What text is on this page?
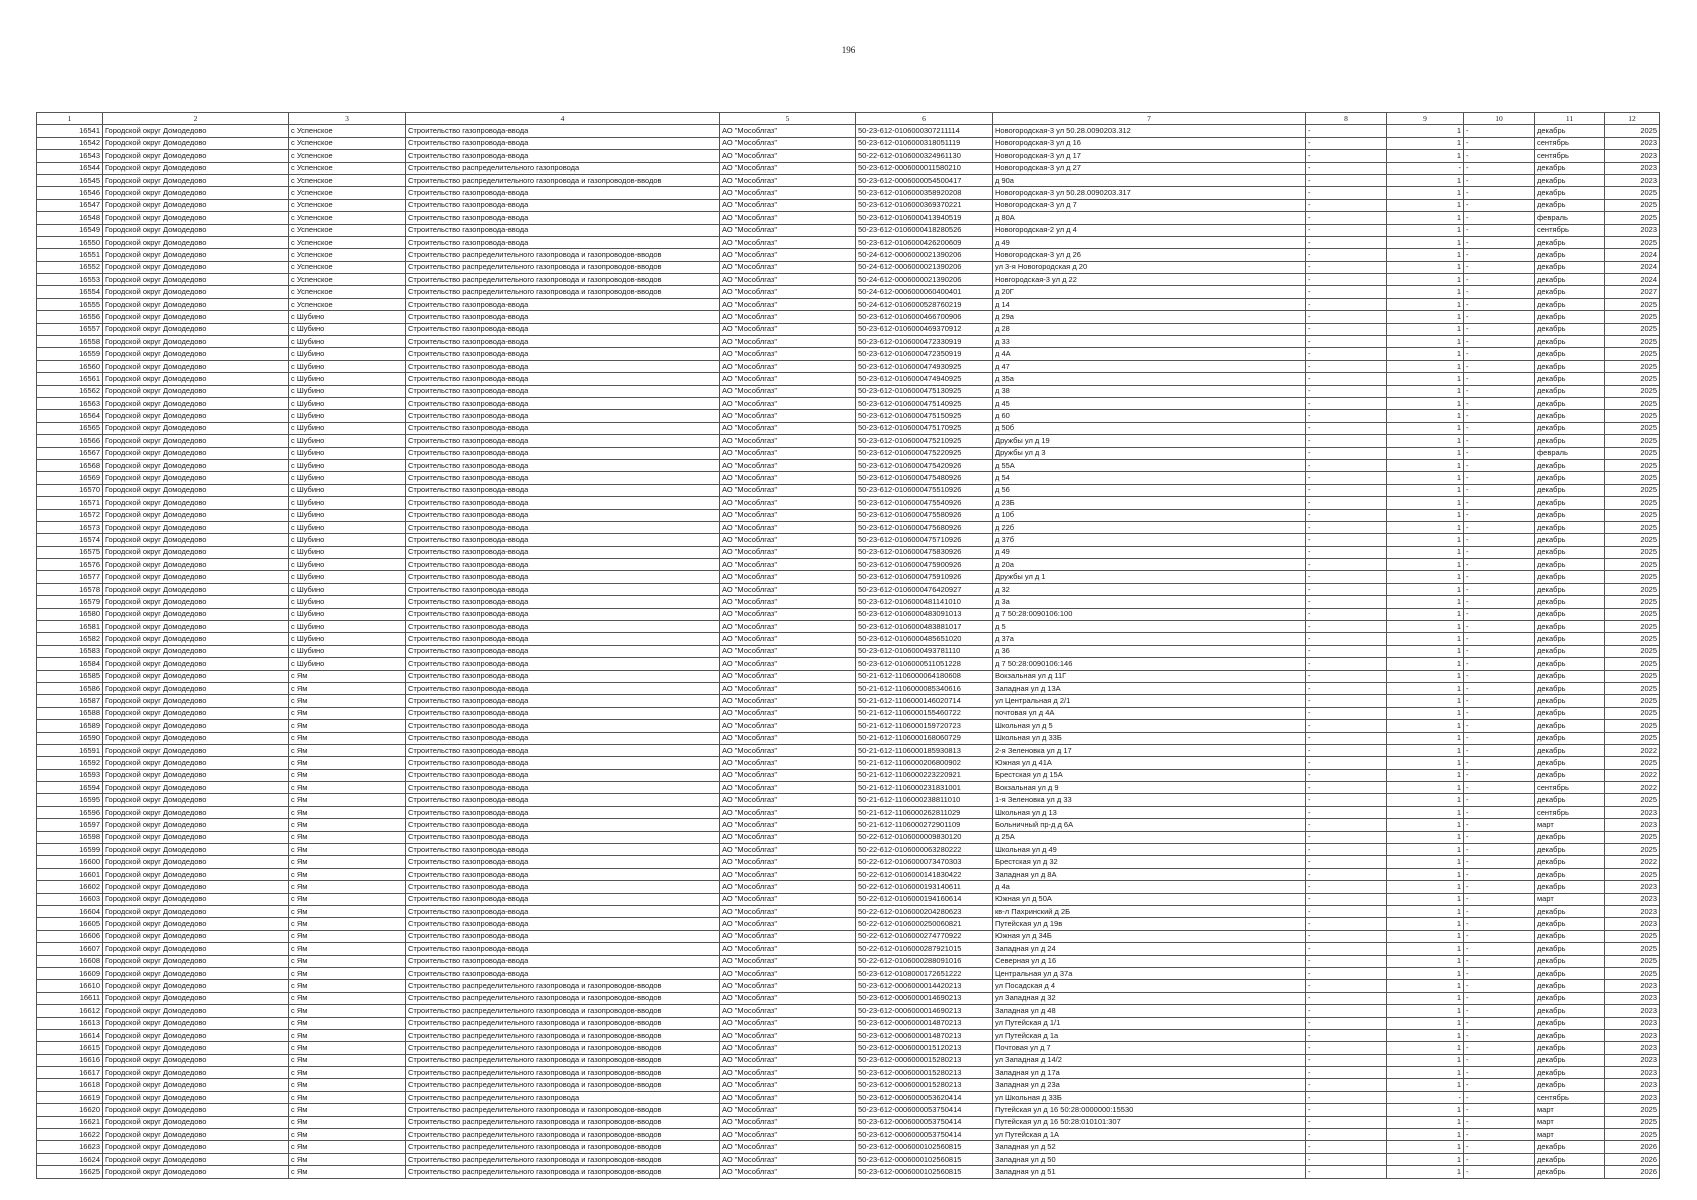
196
1	2	3	4	5	6	7	8	9	10	11	12
16541	Городской округ Домодедово	с Успенское	Строительство газопровода-ввода	АО "Мособлгаз"	50-23-612-0106000307211114	Новогородская-3 ул 50.28.0090203.312	-	1	-	декабрь	2025
16542	Городской округ Домодедово	с Успенское	Строительство газопровода-ввода	АО "Мособлгаз"	50-23-612-0106000318051119	Новогородская-3 ул д 16	-	1	-	сентябрь	2023
16543	Городской округ Домодедово	с Успенское	Строительство газопровода-ввода	АО "Мособлгаз"	50-22-612-0106000324961130	Новогородская-3 ул д 17	-	1	-	сентябрь	2023
16544	Городской округ Домодедово	с Успенское	Строительство распределительного газопровода	АО "Мособлгаз"	50-23-612-0006000011580210	Новогородская-3 ул д 27	-	-	-	декабрь	2023
16545	Городской округ Домодедово	с Успенское	Строительство распределительного газопровода и газопроводов-вводов	АО "Мособлгаз"	50-23-612-0006000054500417	д 90а	-	1	-	декабрь	2023
16546	Городской округ Домодедово	с Успенское	Строительство газопровода-ввода	АО "Мособлгаз"	50-23-612-0106000358920208	Новогородская-3 ул 50.28.0090203.317	-	1	-	декабрь	2025
16547	Городской округ Домодедово	с Успенское	Строительство газопровода-ввода	АО "Мособлгаз"	50-23-612-0106000369370221	Новогородская-3 ул д 7	-	1	-	декабрь	2025
16548	Городской округ Домодедово	с Успенское	Строительство газопровода-ввода	АО "Мособлгаз"	50-23-612-0106000413940519	д 80А	-	1	-	февраль	2025
16549	Городской округ Домодедово	с Успенское	Строительство газопровода-ввода	АО "Мособлгаз"	50-23-612-0106000418280526	Новогородская-2 ул д 4	-	1	-	сентябрь	2023
16550	Городской округ Домодедово	с Успенское	Строительство газопровода-ввода	АО "Мособлгаз"	50-23-612-0106000426200609	д 49	-	1	-	декабрь	2025
16551	Городской округ Домодедово	с Успенское	Строительство распределительного газопровода и газопроводов-вводов	АО "Мособлгаз"	50-24-612-0006000021390206	Новогородская-3 ул д 26	-	1	-	декабрь	2024
16552	Городской округ Домодедово	с Успенское	Строительство распределительного газопровода и газопроводов-вводов	АО "Мособлгаз"	50-24-612-0006000021390206	ул 3-я Новогородская д 20	-	1	-	декабрь	2024
16553	Городской округ Домодедово	с Успенское	Строительство распределительного газопровода и газопроводов-вводов	АО "Мособлгаз"	50-24-612-0006000021390206	Новгородская-3 ул д 22	-	1	-	декабрь	2024
16554	Городской округ Домодедово	с Успенское	Строительство распределительного газопровода и газопроводов-вводов	АО "Мособлгаз"	50-24-612-0006000060400401	д 20Г	-	1	-	декабрь	2027
16555	Городской округ Домодедово	с Успенское	Строительство газопровода-ввода	АО "Мособлгаз"	50-24-612-0106000528760219	д 14	-	1	-	декабрь	2025
16556	Городской округ Домодедово	с Шубино	Строительство газопровода-ввода	АО "Мособлгаз"	50-23-612-0106000466700906	д 29а	-	1	-	декабрь	2025
16557	Городской округ Домодедово	с Шубино	Строительство газопровода-ввода	АО "Мособлгаз"	50-23-612-0106000469370912	д 28	-	1	-	декабрь	2025
16558	Городской округ Домодедово	с Шубино	Строительство газопровода-ввода	АО "Мособлгаз"	50-23-612-0106000472330919	д 33	-	1	-	декабрь	2025
16559	Городской округ Домодедово	с Шубино	Строительство газопровода-ввода	АО "Мособлгаз"	50-23-612-0106000472350919	д 4А	-	1	-	декабрь	2025
16560	Городской округ Домодедово	с Шубино	Строительство газопровода-ввода	АО "Мособлгаз"	50-23-612-0106000474930925	д 47	-	1	-	декабрь	2025
16561	Городской округ Домодедово	с Шубино	Строительство газопровода-ввода	АО "Мособлгаз"	50-23-612-0106000474940925	д 35а	-	1	-	декабрь	2025
16562	Городской округ Домодедово	с Шубино	Строительство газопровода-ввода	АО "Мособлгаз"	50-23-612-0106000475130925	д 38	-	1	-	декабрь	2025
16563	Городской округ Домодедово	с Шубино	Строительство газопровода-ввода	АО "Мособлгаз"	50-23-612-0106000475140925	д 45	-	1	-	декабрь	2025
16564	Городской округ Домодедово	с Шубино	Строительство газопровода-ввода	АО "Мособлгаз"	50-23-612-0106000475150925	д 60	-	1	-	декабрь	2025
16565	Городской округ Домодедово	с Шубино	Строительство газопровода-ввода	АО "Мособлгаз"	50-23-612-0106000475170925	д 50б	-	1	-	декабрь	2025
16566	Городской округ Домодедово	с Шубино	Строительство газопровода-ввода	АО "Мособлгаз"	50-23-612-0106000475210925	Дружбы ул д 19	-	1	-	декабрь	2025
16567	Городской округ Домодедово	с Шубино	Строительство газопровода-ввода	АО "Мособлгаз"	50-23-612-0106000475220925	Дружбы ул д 3	-	1	-	февраль	2025
16568	Городской округ Домодедово	с Шубино	Строительство газопровода-ввода	АО "Мособлгаз"	50-23-612-0106000475420926	д 55А	-	1	-	декабрь	2025
16569	Городской округ Домодедово	с Шубино	Строительство газопровода-ввода	АО "Мособлгаз"	50-23-612-0106000475480926	д 54	-	1	-	декабрь	2025
16570	Городской округ Домодедово	с Шубино	Строительство газопровода-ввода	АО "Мособлгаз"	50-23-612-0106000475510926	д 56	-	1	-	декабрь	2025
16571	Городской округ Домодедово	с Шубино	Строительство газопровода-ввода	АО "Мособлгаз"	50-23-612-0106000475540926	д 23Б	-	1	-	декабрь	2025
16572	Городской округ Домодедово	с Шубино	Строительство газопровода-ввода	АО "Мособлгаз"	50-23-612-0106000475580926	д 10б	-	1	-	декабрь	2025
16573	Городской округ Домодедово	с Шубино	Строительство газопровода-ввода	АО "Мособлгаз"	50-23-612-0106000475680926	д 22б	-	1	-	декабрь	2025
16574	Городской округ Домодедово	с Шубино	Строительство газопровода-ввода	АО "Мособлгаз"	50-23-612-0106000475710926	д 37б	-	1	-	декабрь	2025
16575	Городской округ Домодедово	с Шубино	Строительство газопровода-ввода	АО "Мособлгаз"	50-23-612-0106000475830926	д 49	-	1	-	декабрь	2025
16576	Городской округ Домодедово	с Шубино	Строительство газопровода-ввода	АО "Мособлгаз"	50-23-612-0106000475900926	д 20а	-	1	-	декабрь	2025
16577	Городской округ Домодедово	с Шубино	Строительство газопровода-ввода	АО "Мособлгаз"	50-23-612-0106000475910926	Дружбы ул д 1	-	1	-	декабрь	2025
16578	Городской округ Домодедово	с Шубино	Строительство газопровода-ввода	АО "Мособлгаз"	50-23-612-0106000476420927	д 32	-	1	-	декабрь	2025
16579	Городской округ Домодедово	с Шубино	Строительство газопровода-ввода	АО "Мособлгаз"	50-23-612-0106000481141010	д 3а	-	1	-	декабрь	2025
16580	Городской округ Домодедово	с Шубино	Строительство газопровода-ввода	АО "Мособлгаз"	50-23-612-0106000483091013	д 7 50:28:0090106:100	-	1	-	декабрь	2025
16581	Городской округ Домодедово	с Шубино	Строительство газопровода-ввода	АО "Мособлгаз"	50-23-612-0106000483881017	д 5	-	1	-	декабрь	2025
16582	Городской округ Домодедово	с Шубино	Строительство газопровода-ввода	АО "Мособлгаз"	50-23-612-0106000485651020	д 37а	-	1	-	декабрь	2025
16583	Городской округ Домодедово	с Шубино	Строительство газопровода-ввода	АО "Мособлгаз"	50-23-612-0106000493781110	д 36	-	1	-	декабрь	2025
16584	Городской округ Домодедово	с Шубино	Строительство газопровода-ввода	АО "Мособлгаз"	50-23-612-0106000511051228	д 7 50:28:0090106:146	-	1	-	декабрь	2025
16585	Городской округ Домодедово	с Ям	Строительство газопровода-ввода	АО "Мособлгаз"	50-21-612-1106000064180608	Вокзальная ул д 11Г	-	1	-	декабрь	2025
16586	Городской округ Домодедово	с Ям	Строительство газопровода-ввода	АО "Мособлгаз"	50-21-612-1106000085340616	Западная ул д 13А	-	1	-	декабрь	2025
16587	Городской округ Домодедово	с Ям	Строительство газопровода-ввода	АО "Мособлгаз"	50-21-612-1106000146020714	ул Центральная д 2/1	-	1	-	декабрь	2025
16588	Городской округ Домодедово	с Ям	Строительство газопровода-ввода	АО "Мособлгаз"	50-21-612-1106000155460722	почтовая ул д 4А	-	1	-	декабрь	2025
16589	Городской округ Домодедово	с Ям	Строительство газопровода-ввода	АО "Мособлгаз"	50-21-612-1106000159720723	Школьная ул д 5	-	1	-	декабрь	2025
16590	Городской округ Домодедово	с Ям	Строительство газопровода-ввода	АО "Мособлгаз"	50-21-612-1106000168060729	Школьная ул д 33Б	-	1	-	декабрь	2025
16591	Городской округ Домодедово	с Ям	Строительство газопровода-ввода	АО "Мособлгаз"	50-21-612-1106000185930813	2-я Зеленовка ул д 17	-	1	-	декабрь	2022
16592	Городской округ Домодедово	с Ям	Строительство газопровода-ввода	АО "Мособлгаз"	50-21-612-1106000206800902	Южная ул д 41А	-	1	-	декабрь	2025
16593	Городской округ Домодедово	с Ям	Строительство газопровода-ввода	АО "Мособлгаз"	50-21-612-1106000223220921	Брестская ул д 15А	-	1	-	декабрь	2022
16594	Городской округ Домодедово	с Ям	Строительство газопровода-ввода	АО "Мособлгаз"	50-21-612-1106000231831001	Вокзальная ул д 9	-	1	-	сентябрь	2022
16595	Городской округ Домодедово	с Ям	Строительство газопровода-ввода	АО "Мособлгаз"	50-21-612-1106000238811010	1-я Зеленовка ул д 33	-	1	-	декабрь	2025
16596	Городской округ Домодедово	с Ям	Строительство газопровода-ввода	АО "Мособлгаз"	50-21-612-1106000262811029	Школьная ул д 13	-	1	-	сентябрь	2023
16597	Городской округ Домодедово	с Ям	Строительство газопровода-ввода	АО "Мособлгаз"	50-21-612-1106000272901109	Больничный пр-д д 6А	-	1	-	март	2023
16598	Городской округ Домодедово	с Ям	Строительство газопровода-ввода	АО "Мособлгаз"	50-22-612-0106000009830120	д 25А	-	1	-	декабрь	2025
16599	Городской округ Домодедово	с Ям	Строительство газопровода-ввода	АО "Мособлгаз"	50-22-612-0106000063280222	Школьная ул д 49	-	1	-	декабрь	2025
16600	Городской округ Домодедово	с Ям	Строительство газопровода-ввода	АО "Мособлгаз"	50-22-612-0106000073470303	Брестская ул д 32	-	1	-	декабрь	2022
16601	Городской округ Домодедово	с Ям	Строительство газопровода-ввода	АО "Мособлгаз"	50-22-612-0106000141830422	Западная ул д 8А	-	1	-	декабрь	2025
16602	Городской округ Домодедово	с Ям	Строительство газопровода-ввода	АО "Мособлгаз"	50-22-612-0106000193140611	д 4а	-	1	-	декабрь	2023
16603	Городской округ Домодедово	с Ям	Строительство газопровода-ввода	АО "Мособлгаз"	50-22-612-0106000194160614	Южная ул д 50А	-	1	-	март	2023
16604	Городской округ Домодедово	с Ям	Строительство газопровода-ввода	АО "Мособлгаз"	50-22-612-0106000204280623	кв-л Пахринский д 2Б	-	1	-	декабрь	2023
16605	Городской округ Домодедово	с Ям	Строительство газопровода-ввода	АО "Мособлгаз"	50-22-612-0106000250060821	Путейская ул д 19в	-	1	-	декабрь	2023
16606	Городской округ Домодедово	с Ям	Строительство газопровода-ввода	АО "Мособлгаз"	50-22-612-0106000274770922	Южная ул д 34Б	-	1	-	декабрь	2025
16607	Городской округ Домодедово	с Ям	Строительство газопровода-ввода	АО "Мособлгаз"	50-22-612-0106000287921015	Западная ул д 24	-	1	-	декабрь	2025
16608	Городской округ Домодедово	с Ям	Строительство газопровода-ввода	АО "Мособлгаз"	50-22-612-0106000288091016	Северная ул д 16	-	1	-	декабрь	2025
16609	Городской округ Домодедово	с Ям	Строительство газопровода-ввода	АО "Мособлгаз"	50-23-612-0108000172651222	Центральная ул д 37а	-	1	-	декабрь	2025
16610	Городской округ Домодедово	с Ям	Строительство распределительного газопровода и газопроводов-вводов	АО "Мособлгаз"	50-23-612-0006000014420213	ул Посадская д 4	-	1	-	декабрь	2023
16611	Городской округ Домодедово	с Ям	Строительство распределительного газопровода и газопроводов-вводов	АО "Мособлгаз"	50-23-612-0006000014690213	ул Западная д 32	-	1	-	декабрь	2023
16612	Городской округ Домодедово	с Ям	Строительство распределительного газопровода и газопроводов-вводов	АО "Мособлгаз"	50-23-612-0006000014690213	Западная ул д 48	-	1	-	декабрь	2023
16613	Городской округ Домодедово	с Ям	Строительство распределительного газопровода и газопроводов-вводов	АО "Мособлгаз"	50-23-612-0006000014870213	ул Путейская д 1/1	-	1	-	декабрь	2023
16614	Городской округ Домодедово	с Ям	Строительство распределительного газопровода и газопроводов-вводов	АО "Мособлгаз"	50-23-612-0006000014870213	ул Путейская д 1а	-	1	-	декабрь	2023
16615	Городской округ Домодедово	с Ям	Строительство распределительного газопровода и газопроводов-вводов	АО "Мособлгаз"	50-23-612-0006000015120213	Почтовая ул д 7	-	1	-	декабрь	2023
16616	Городской округ Домодедово	с Ям	Строительство распределительного газопровода и газопроводов-вводов	АО "Мособлгаз"	50-23-612-0006000015280213	ул Западная д 14/2	-	1	-	декабрь	2023
16617	Городской округ Домодедово	с Ям	Строительство распределительного газопровода и газопроводов-вводов	АО "Мособлгаз"	50-23-612-0006000015280213	Западная ул д 17а	-	1	-	декабрь	2023
16618	Городской округ Домодедово	с Ям	Строительство распределительного газопровода и газопроводов-вводов	АО "Мособлгаз"	50-23-612-0006000015280213	Западная ул д 23а	-	1	-	декабрь	2023
16619	Городской округ Домодедово	с Ям	Строительство распределительного газопровода	АО "Мособлгаз"	50-23-612-0006000053620414	ул Школьная д 33Б	-	-	-	сентябрь	2023
16620	Городской округ Домодедово	с Ям	Строительство распределительного газопровода и газопроводов-вводов	АО "Мособлгаз"	50-23-612-0006000053750414	Путейская ул д 16 50:28:0000000:15530	-	1	-	март	2025
16621	Городской округ Домодедово	с Ям	Строительство распределительного газопровода и газопроводов-вводов	АО "Мособлгаз"	50-23-612-0006000053750414	Путейская ул д 16 50:28:010101:307	-	1	-	март	2025
16622	Городской округ Домодедово	с Ям	Строительство распределительного газопровода и газопроводов-вводов	АО "Мособлгаз"	50-23-612-0006000053750414	ул Путейская д 1А	-	1	-	март	2025
16623	Городской округ Домодедово	с Ям	Строительство распределительного газопровода и газопроводов-вводов	АО "Мособлгаз"	50-23-612-0006000102560815	Западная ул д 52	-	1	-	декабрь	2026
16624	Городской округ Домодедово	с Ям	Строительство распределительного газопровода и газопроводов-вводов	АО "Мособлгаз"	50-23-612-0006000102560815	Западная ул д 50	-	1	-	декабрь	2026
16625	Городской округ Домодедово	с Ям	Строительство распределительного газопровода и газопроводов-вводов	АО "Мособлгаз"	50-23-612-0006000102560815	Западная ул д 51	-	1	-	декабрь	2026
